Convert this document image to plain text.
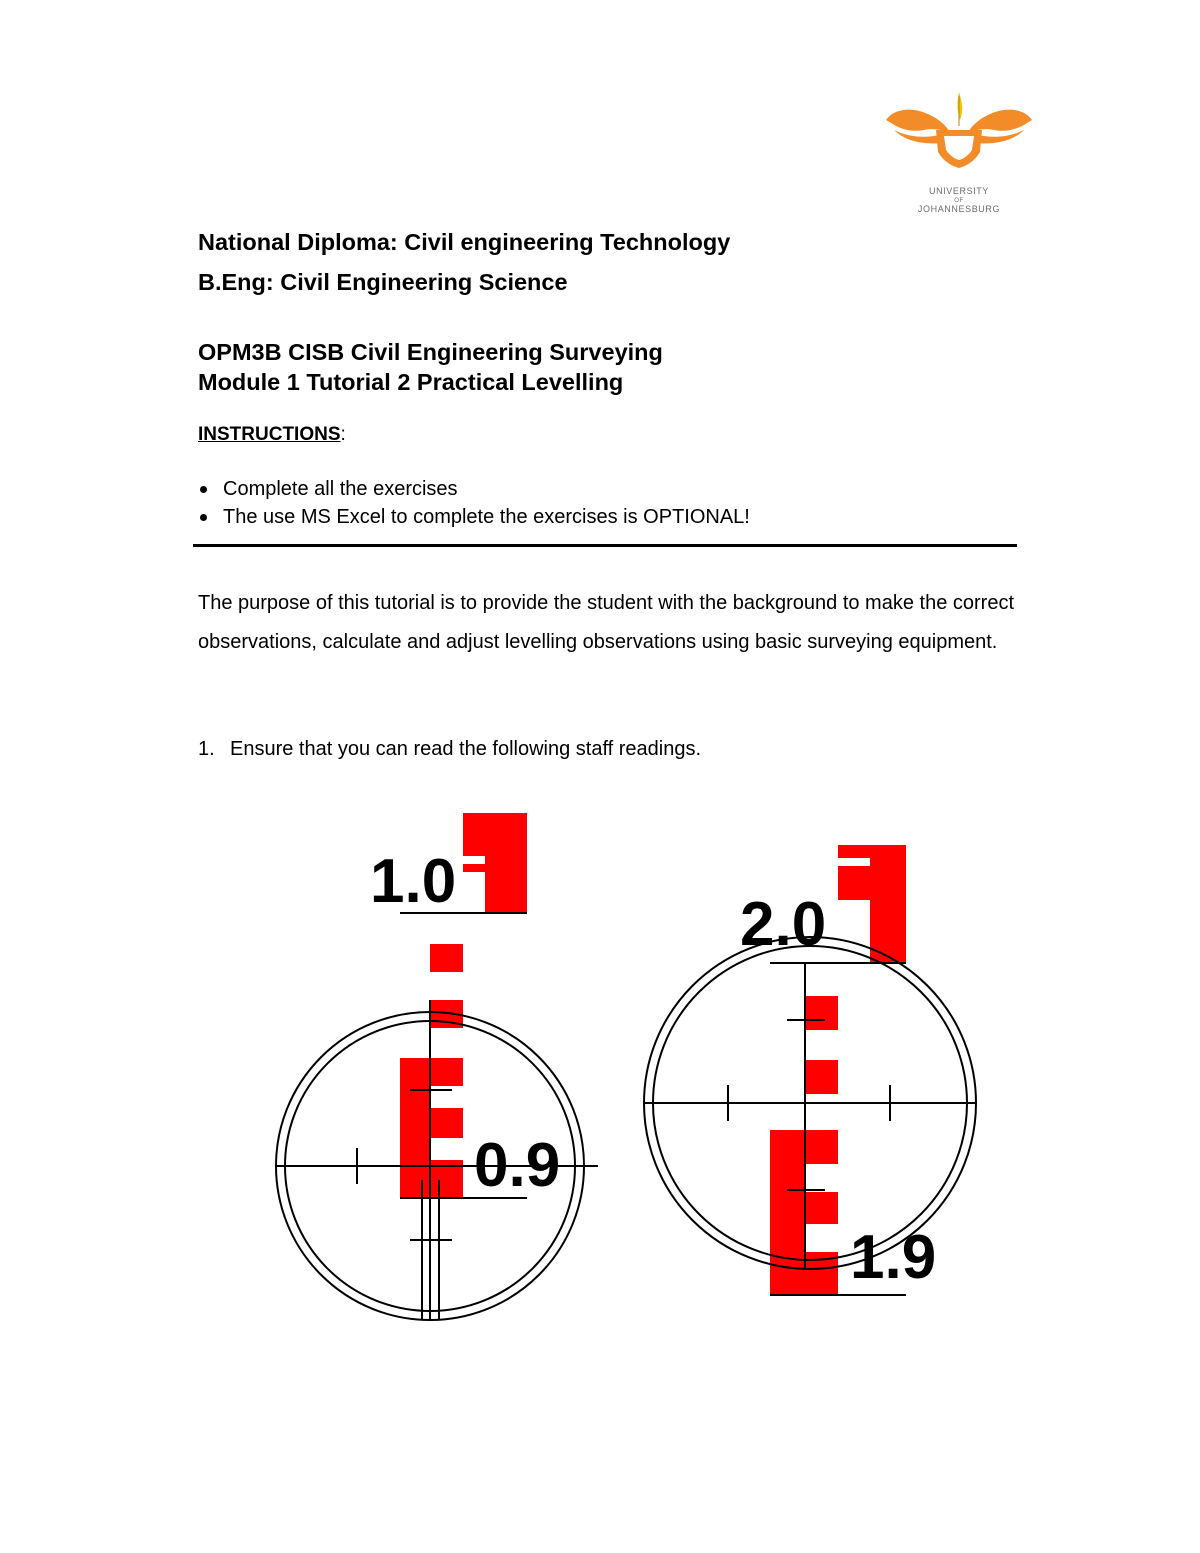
UNIVERSITY
OF
JOHANNESBURG
National Diploma: Civil engineering Technology
B.Eng: Civil Engineering Science
OPM3B CISB Civil Engineering Surveying
Module 1 Tutorial 2 Practical Levelling
INSTRUCTIONS:
Complete all the exercises
The use MS Excel to complete the exercises is OPTIONAL!
The purpose of this tutorial is to provide the student with the background to make the correct observations, calculate and adjust levelling observations using basic surveying equipment.
1. Ensure that you can read the following staff readings.
1.0
0.9
2.0
1.9
